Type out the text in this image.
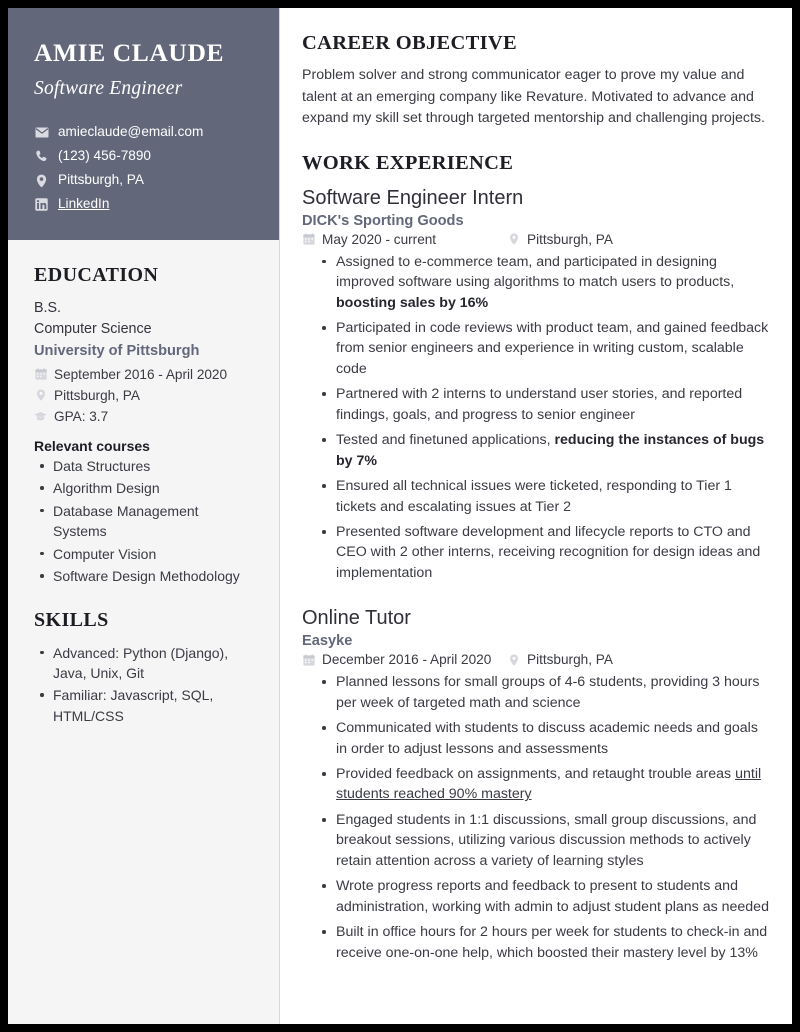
AMIE CLAUDE
Software Engineer
amieclaude@email.com
(123) 456-7890
Pittsburgh, PA
LinkedIn
EDUCATION
B.S.
Computer Science
University of Pittsburgh
September 2016 - April 2020
Pittsburgh, PA
GPA: 3.7
Relevant courses
Data Structures
Algorithm Design
Database Management Systems
Computer Vision
Software Design Methodology
SKILLS
Advanced: Python (Django), Java, Unix, Git
Familiar: Javascript, SQL, HTML/CSS
CAREER OBJECTIVE

Problem solver and strong communicator eager to prove my value and talent at an emerging company like Revature. Motivated to advance and expand my skill set through targeted mentorship and challenging projects.

WORK EXPERIENCE
Software Engineer Intern
DICK's Sporting Goods
May 2020 - current	Pittsburgh, PA
Assigned to e-commerce team, and participated in designing improved software using algorithms to match users to products, boosting sales by 16%
Participated in code reviews with product team, and gained feedback from senior engineers and experience in writing custom, scalable code
Partnered with 2 interns to understand user stories, and reported findings, goals, and progress to senior engineer
Tested and finetuned applications, reducing the instances of bugs by 7%
Ensured all technical issues were ticketed, responding to Tier 1 tickets and escalating issues at Tier 2
Presented software development and lifecycle reports to CTO and CEO with 2 other interns, receiving recognition for design ideas and implementation
Online Tutor
Easyke
December 2016 - April 2020	Pittsburgh, PA
Planned lessons for small groups of 4-6 students, providing 3 hours per week of targeted math and science
Communicated with students to discuss academic needs and goals in order to adjust lessons and assessments
Provided feedback on assignments, and retaught trouble areas until students reached 90% mastery
Engaged students in 1:1 discussions, small group discussions, and breakout sessions, utilizing various discussion methods to actively retain attention across a variety of learning styles
Wrote progress reports and feedback to present to students and administration, working with admin to adjust student plans as needed
Built in office hours for 2 hours per week for students to check-in and receive one-on-one help, which boosted their mastery level by 13%
